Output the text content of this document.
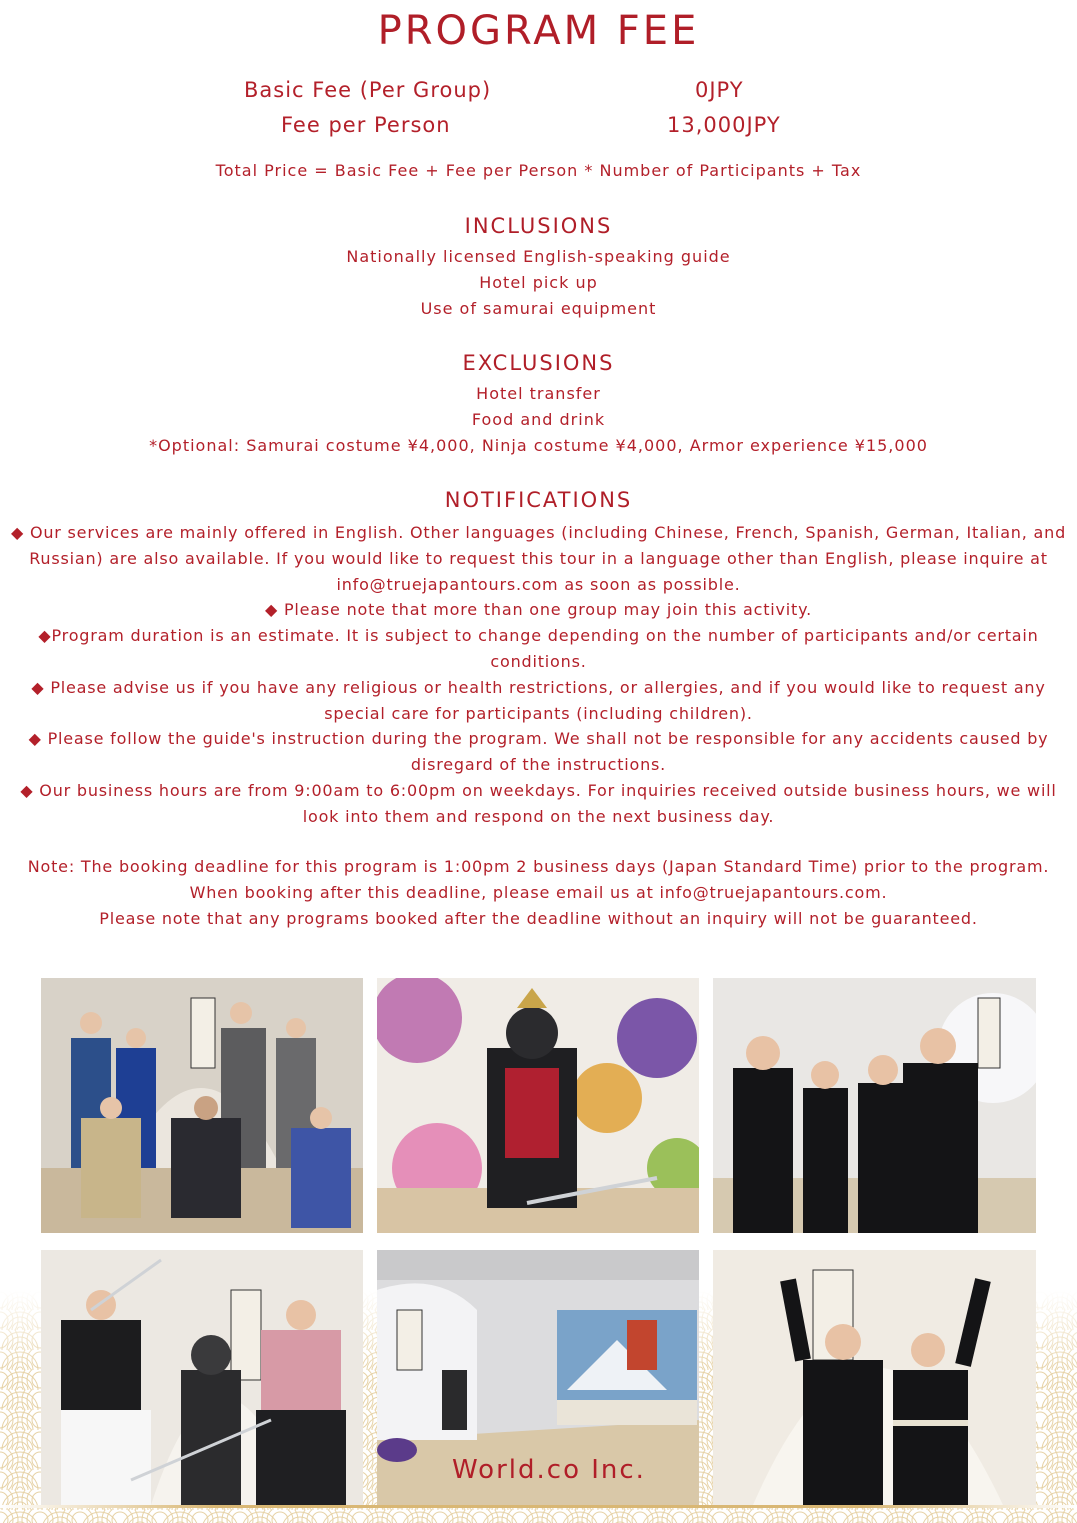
PROGRAM FEE
Basic Fee (Per Group)	0JPY
Fee per Person	13,000JPY
Total Price = Basic Fee + Fee per Person * Number of Participants + Tax
INCLUSIONS
Nationally licensed English-speaking guide
Hotel pick up
Use of samurai equipment
EXCLUSIONS
Hotel transfer
Food and drink
*Optional: Samurai costume ¥4,000, Ninja costume ¥4,000, Armor experience ¥15,000
NOTIFICATIONS

◆ Our services are mainly offered in English. Other languages (including Chinese, French, Spanish, German, Italian, and Russian) are also available. If you would like to request this tour in a language other than English, please inquire at info@truejapantours.com as soon as possible.

◆ Please note that more than one group may join this activity.

◆Program duration is an estimate. It is subject to change depending on the number of participants and/or certain conditions.

◆ Please advise us if you have any religious or health restrictions, or allergies, and if you would like to request any special care for participants (including children).

◆ Please follow the guide's instruction during the program. We shall not be responsible for any accidents caused by disregard of the instructions.

◆ Our business hours are from 9:00am to 6:00pm on weekdays. For inquiries received outside business hours, we will look into them and respond on the next business day.

Note: The booking deadline for this program is 1:00pm 2 business days (Japan Standard Time) prior to the program.

When booking after this deadline, please email us at info@truejapantours.com.

Please note that any programs booked after the deadline without an inquiry will not be guaranteed.

World.co Inc.
